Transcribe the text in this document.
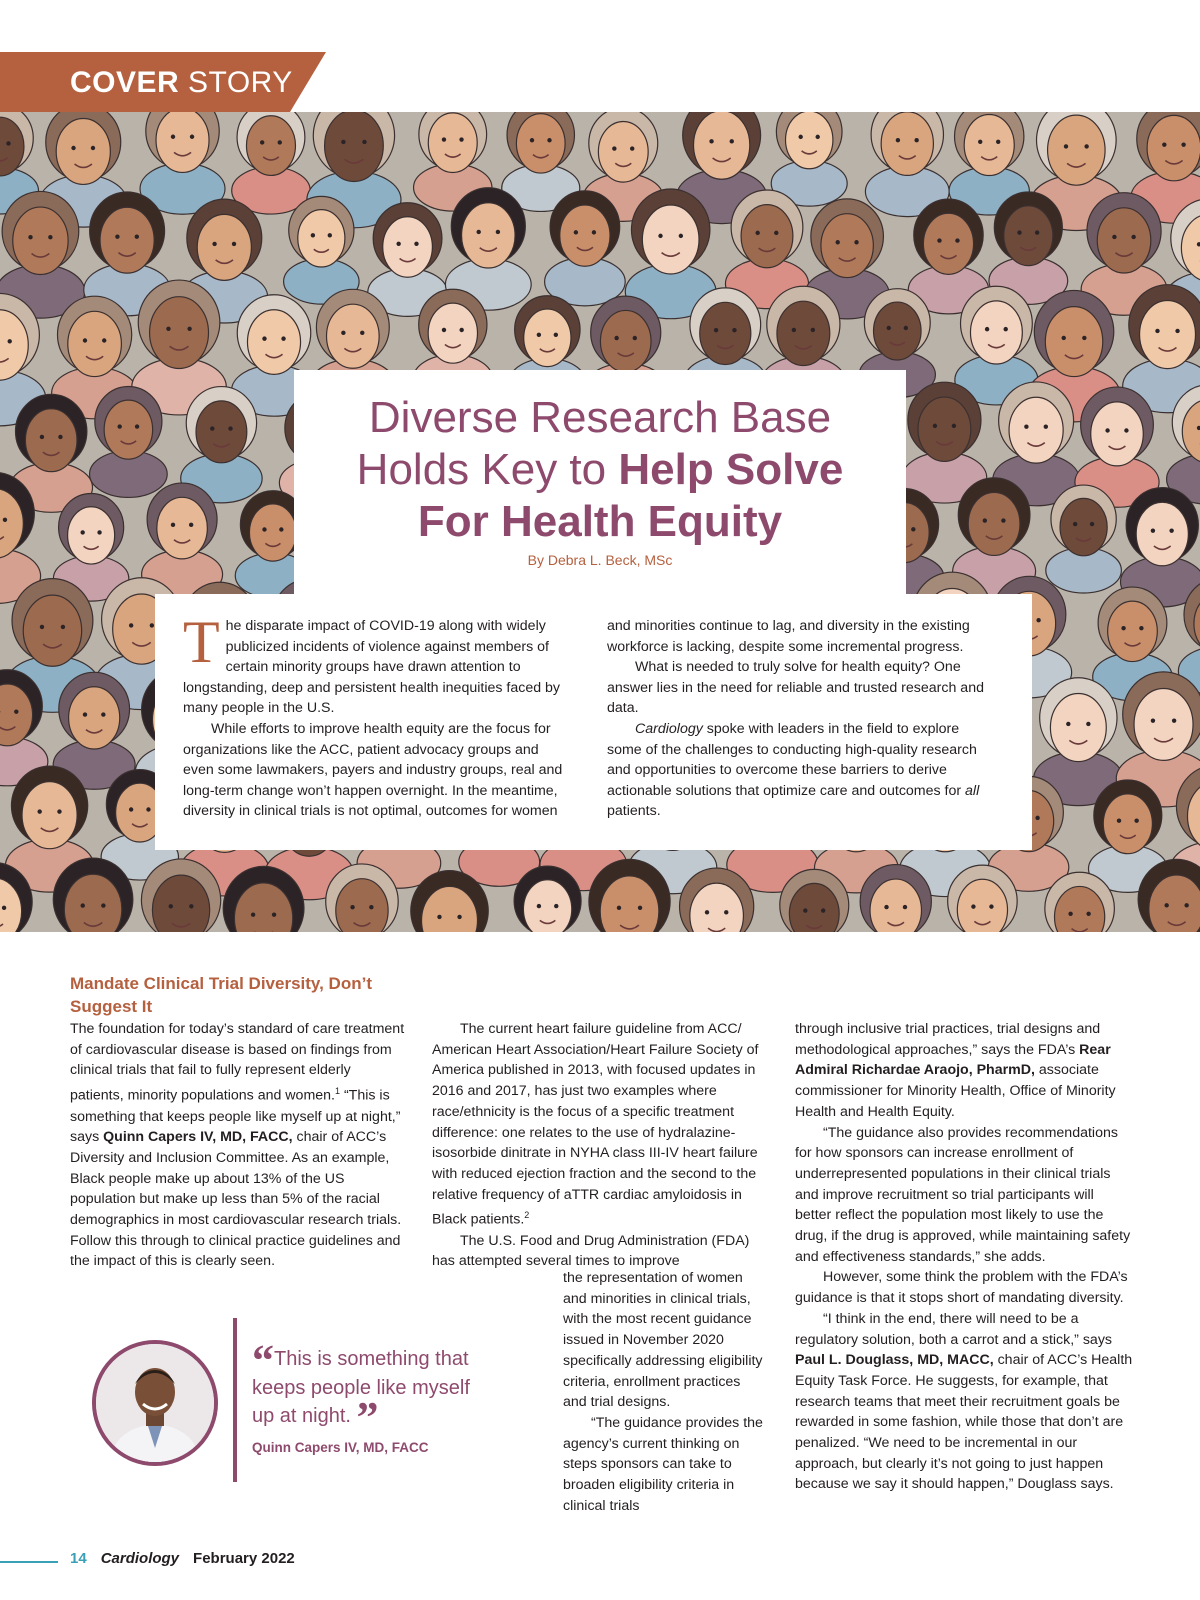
COVER STORY
Diverse Research Base
Holds Key to Help Solve
For Health Equity
By Debra L. Beck, MSc

The disparate impact of COVID-19 along with widely publicized incidents of violence against members of certain minority groups have drawn attention to longstanding, deep and persistent health inequities faced by many people in the U.S.

While efforts to improve health equity are the focus for organizations like the ACC, patient advocacy groups and even some lawmakers, payers and industry groups, real and long-term change won’t happen overnight. In the meantime, diversity in clinical trials is not optimal, outcomes for women

and minorities continue to lag, and diversity in the existing workforce is lacking, despite some incremental progress.

What is needed to truly solve for health equity? One answer lies in the need for reliable and trusted research and data.

Cardiology spoke with leaders in the field to explore some of the challenges to conducting high-quality research and opportunities to overcome these barriers to derive actionable solutions that optimize care and outcomes for all patients.

Mandate Clinical Trial Diversity, Don’t Suggest It

The foundation for today’s standard of care treatment of cardiovascular disease is based on findings from clinical trials that fail to fully represent elderly patients, minority populations and women.$^1$ “This is something that keeps people like myself up at night,” says Quinn Capers IV, MD, FACC, chair of ACC’s Diversity and Inclusion Committee. As an example, Black people make up about 13% of the US population but make up less than 5% of the racial demographics in most cardiovascular research trials. Follow this through to clinical practice guidelines and the impact of this is clearly seen.

The current heart failure guideline from ACC/ American Heart Association/Heart Failure Society of America published in 2013, with focused updates in 2016 and 2017, has just two examples where race/ethnicity is the focus of a specific treatment difference: one relates to the use of hydralazine-isosorbide dinitrate in NYHA class III-IV heart failure with reduced ejection fraction and the second to the relative frequency of aTTR cardiac amyloidosis in Black patients.$^2$

The U.S. Food and Drug Administration (FDA) has attempted several times to improve

the representation of women and minorities in clinical trials, with the most recent guidance issued in November 2020 specifically addressing eligibility criteria, enrollment practices and trial designs.

“The guidance provides the agency’s current thinking on steps sponsors can take to broaden eligibility criteria in clinical trials

through inclusive trial practices, trial designs and methodological approaches,” says the FDA’s Rear Admiral Richardae Araojo, PharmD, associate commissioner for Minority Health, Office of Minority Health and Health Equity.

“The guidance also provides recommendations for how sponsors can increase enrollment of underrepresented populations in their clinical trials and improve recruitment so trial participants will better reflect the population most likely to use the drug, if the drug is approved, while maintaining safety and effectiveness standards,” she adds.

However, some think the problem with the FDA’s guidance is that it stops short of mandating diversity.

“I think in the end, there will need to be a regulatory solution, both a carrot and a stick,” says Paul L. Douglass, MD, MACC, chair of ACC’s Health Equity Task Force. He suggests, for example, that research teams that meet their recruitment goals be rewarded in some fashion, while those that don’t are penalized. “We need to be incremental in our approach, but clearly it’s not going to just happen because we say it should happen,” Douglass says.

“This is something that keeps people like myself up at night. ”
Quinn Capers IV, MD, FACC
14 Cardiology February 2022
